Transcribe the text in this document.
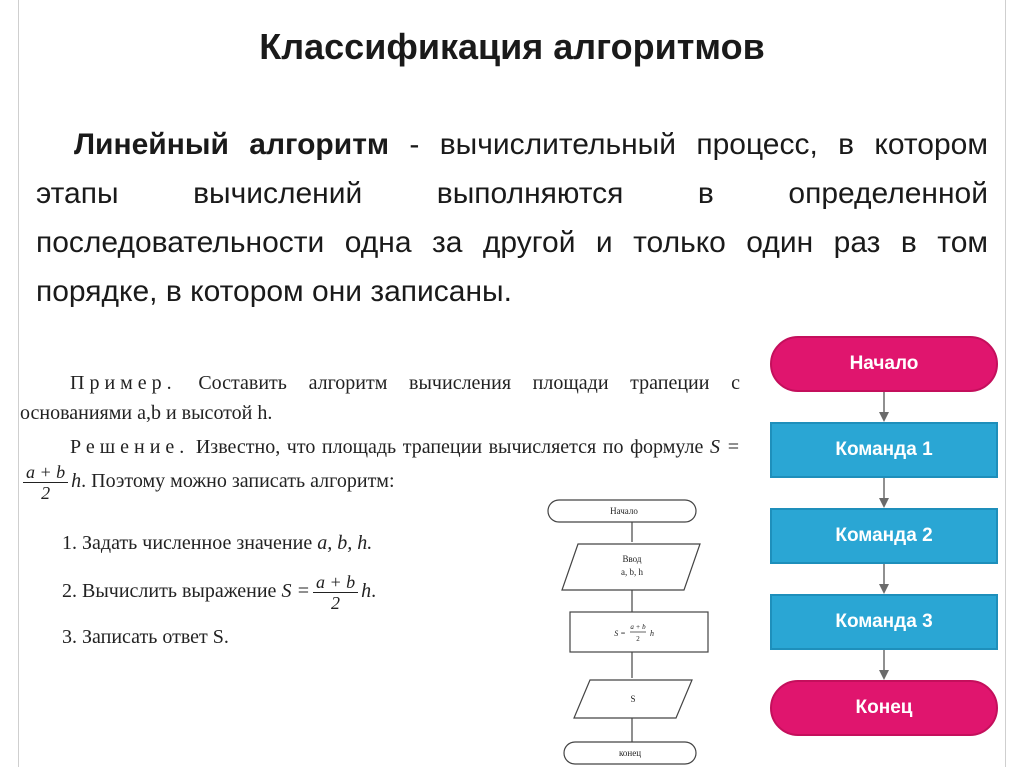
Классификация алгоритмов
Линейный алгоритм - вычислительный процесс, в котором этапы вычислений выполняются в определенной последовательности одна за другой и только один раз в том порядке, в котором они записаны.

Пример. Составить алгоритм вычисления площади трапеции с основаниями a,b и высотой h.

Решение. Известно, что площадь трапеции вычисляется по формуле S =
$\frac{a + b}{2} h$. Поэтому можно записать алгоритм:

1. Задать численное значение a, b, h.
2. Вычислить выражение $S = \frac{a + b}{2} h$.
3. Записать ответ S.
Начало
Ввод
a, b, h
S =
a + b
2
h
S
конец
Начало
Команда 1
Команда 2
Команда 3
Конец
